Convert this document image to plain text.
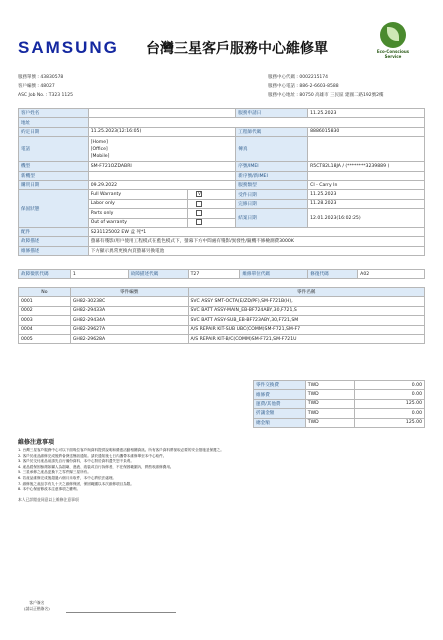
SAMSUNG 台灣三星客戶服務中心維修單	Eco-Conscious Service
服務單號 : 43830578
客戶編號 : 48027
ASC Job No. : T323 1125
服務中心代碼 : 0002215174
服務中心電話 : 886-2-6603-8588
服務中心地址 : 80750 高雄市 三民區 建國二路192號2樓
客戶姓名			服務申請日	11.25.2023
地址				
約定日期	11.25.2023(12:16:05)		工程師代碼	8886015830
電話	[Home]
[Office]
[Mobile]		傳真	
機型	SM-F721OZDABRI		序號/IMEI	R5CT82L18JA / (********3239889 )
新機型			新序號/新IMEI	
購買日期	09.29.2022		服務類型	CI - Carry In
保固狀態	Full Warranty	V	受件日期	11.25.2023
	Labor only		完修日期	11.28.2023
	Parts only		結案日期	12.01.2023(16:02:25)
	Out of warranty			
配件	S231125002 EW 盒 死*1			
故障描述	螢幕有殘影/用戶使用工程模式在藍色模式下，螢幕下方中間處有殘影/異發性/隨機不修檢測費3000K			
維修描述	下方顯示異常更換內頁螢幕另換電池			
故障徵狀代碼	1	故障描述代碼	T27	維修單位代碼	修復代碼	A02
No	零件編號	零件名稱
0001	GH82-30238C	SVC ASSY SMT-OCTA(E/ZD/PF),SM-F721B(H),
0002	GH82-29433A	SVC BATT ASSY-MAIN_EB-BF724ABY,30,F721,S
0003	GH82-29434A	SVC BATT ASSY-SUB_EB-BF723ABY,30,F721,SM
0004	GH82-29627A	A/S REPAIR KIT-SUB UBC(COMM)SM-F721,SM-F7
0005	GH82-29628A	A/S REPAIR KIT-B/C(COMM)SM-F721,SM-F721U
零件交換費	TWD	0.00
維修費	TWD	0.00
運費/其他費	TWD	125.00
折讓金額	TWD	0.00
總金額	TWD	125.00
維修注意事項
1. 台灣三星客戶服務中心可以下面幾位客戶與資料提供說明和優惠活動相關資訊。所有客戶資料將採取必要的安全措施並保護之。
2. 客戶於產品維修完成後將會發送簡訊通知。請於通知後七日內攜帶本維修單至本中心取件。
3. 客戶於交付產品前請先自行備份資料，本中心對於資料遺失恕不負責。
4. 產品經保固檢測如屬人為損壞、進液、改裝或自行拆修者，不在保固範圍內，將酌收維修費用。
5. 三星承修之產品更換下之零件歸三星所有。
6. 若產品維修完成後超過六個月未取件，本中心將依法處理。
7. 維修後之產品享有九十天之維修保固，保固範圍以本次維修項目為限。
8. 本中心保留修改本注意事項之權利。
本人已詳閱並同意以上維修注意事項
客戶簽名
(請以正楷簽名)
